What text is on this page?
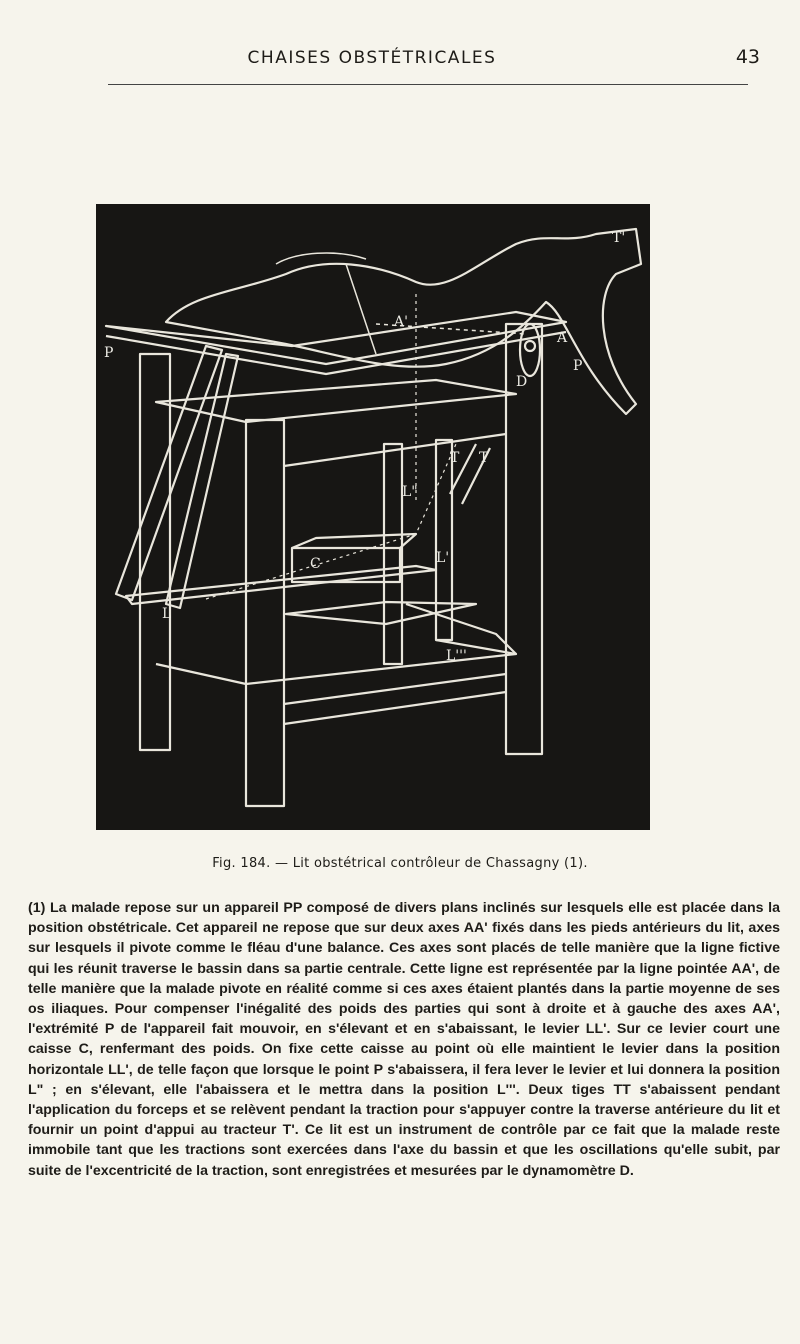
CHAISES OBSTÉTRICALES	43
P
A'
T'
A
P
D
T T
L"
C	L'
L
L'''
Fig. 184. — Lit obstétrical contrôleur de Chassagny (1).
(1) La malade repose sur un appareil PP composé de divers plans inclinés sur lesquels elle est placée dans la position obstétricale. Cet appareil ne repose que sur deux axes AA' fixés dans les pieds antérieurs du lit, axes sur lesquels il pivote comme le fléau d'une balance. Ces axes sont placés de telle manière que la ligne fictive qui les réunit traverse le bassin dans sa partie centrale. Cette ligne est représentée par la ligne pointée AA', de telle manière que la malade pivote en réalité comme si ces axes étaient plantés dans la partie moyenne de ses os iliaques. Pour compenser l'inégalité des poids des parties qui sont à droite et à gauche des axes AA', l'extrémité P de l'appareil fait mouvoir, en s'élevant et en s'abaissant, le levier LL'. Sur ce levier court une caisse C, renfermant des poids. On fixe cette caisse au point où elle maintient le levier dans la position horizontale LL', de telle façon que lorsque le point P s'abaissera, il fera lever le levier et lui donnera la position L" ; en s'élevant, elle l'abaissera et le mettra dans la position L'''. Deux tiges TT s'abaissent pendant l'application du forceps et se relèvent pendant la traction pour s'appuyer contre la traverse antérieure du lit et fournir un point d'appui au tracteur T'. Ce lit est un instrument de contrôle par ce fait que la malade reste immobile tant que les tractions sont exercées dans l'axe du bassin et que les oscillations qu'elle subit, par suite de l'excentricité de la traction, sont enregistrées et mesurées par le dynamomètre D.
